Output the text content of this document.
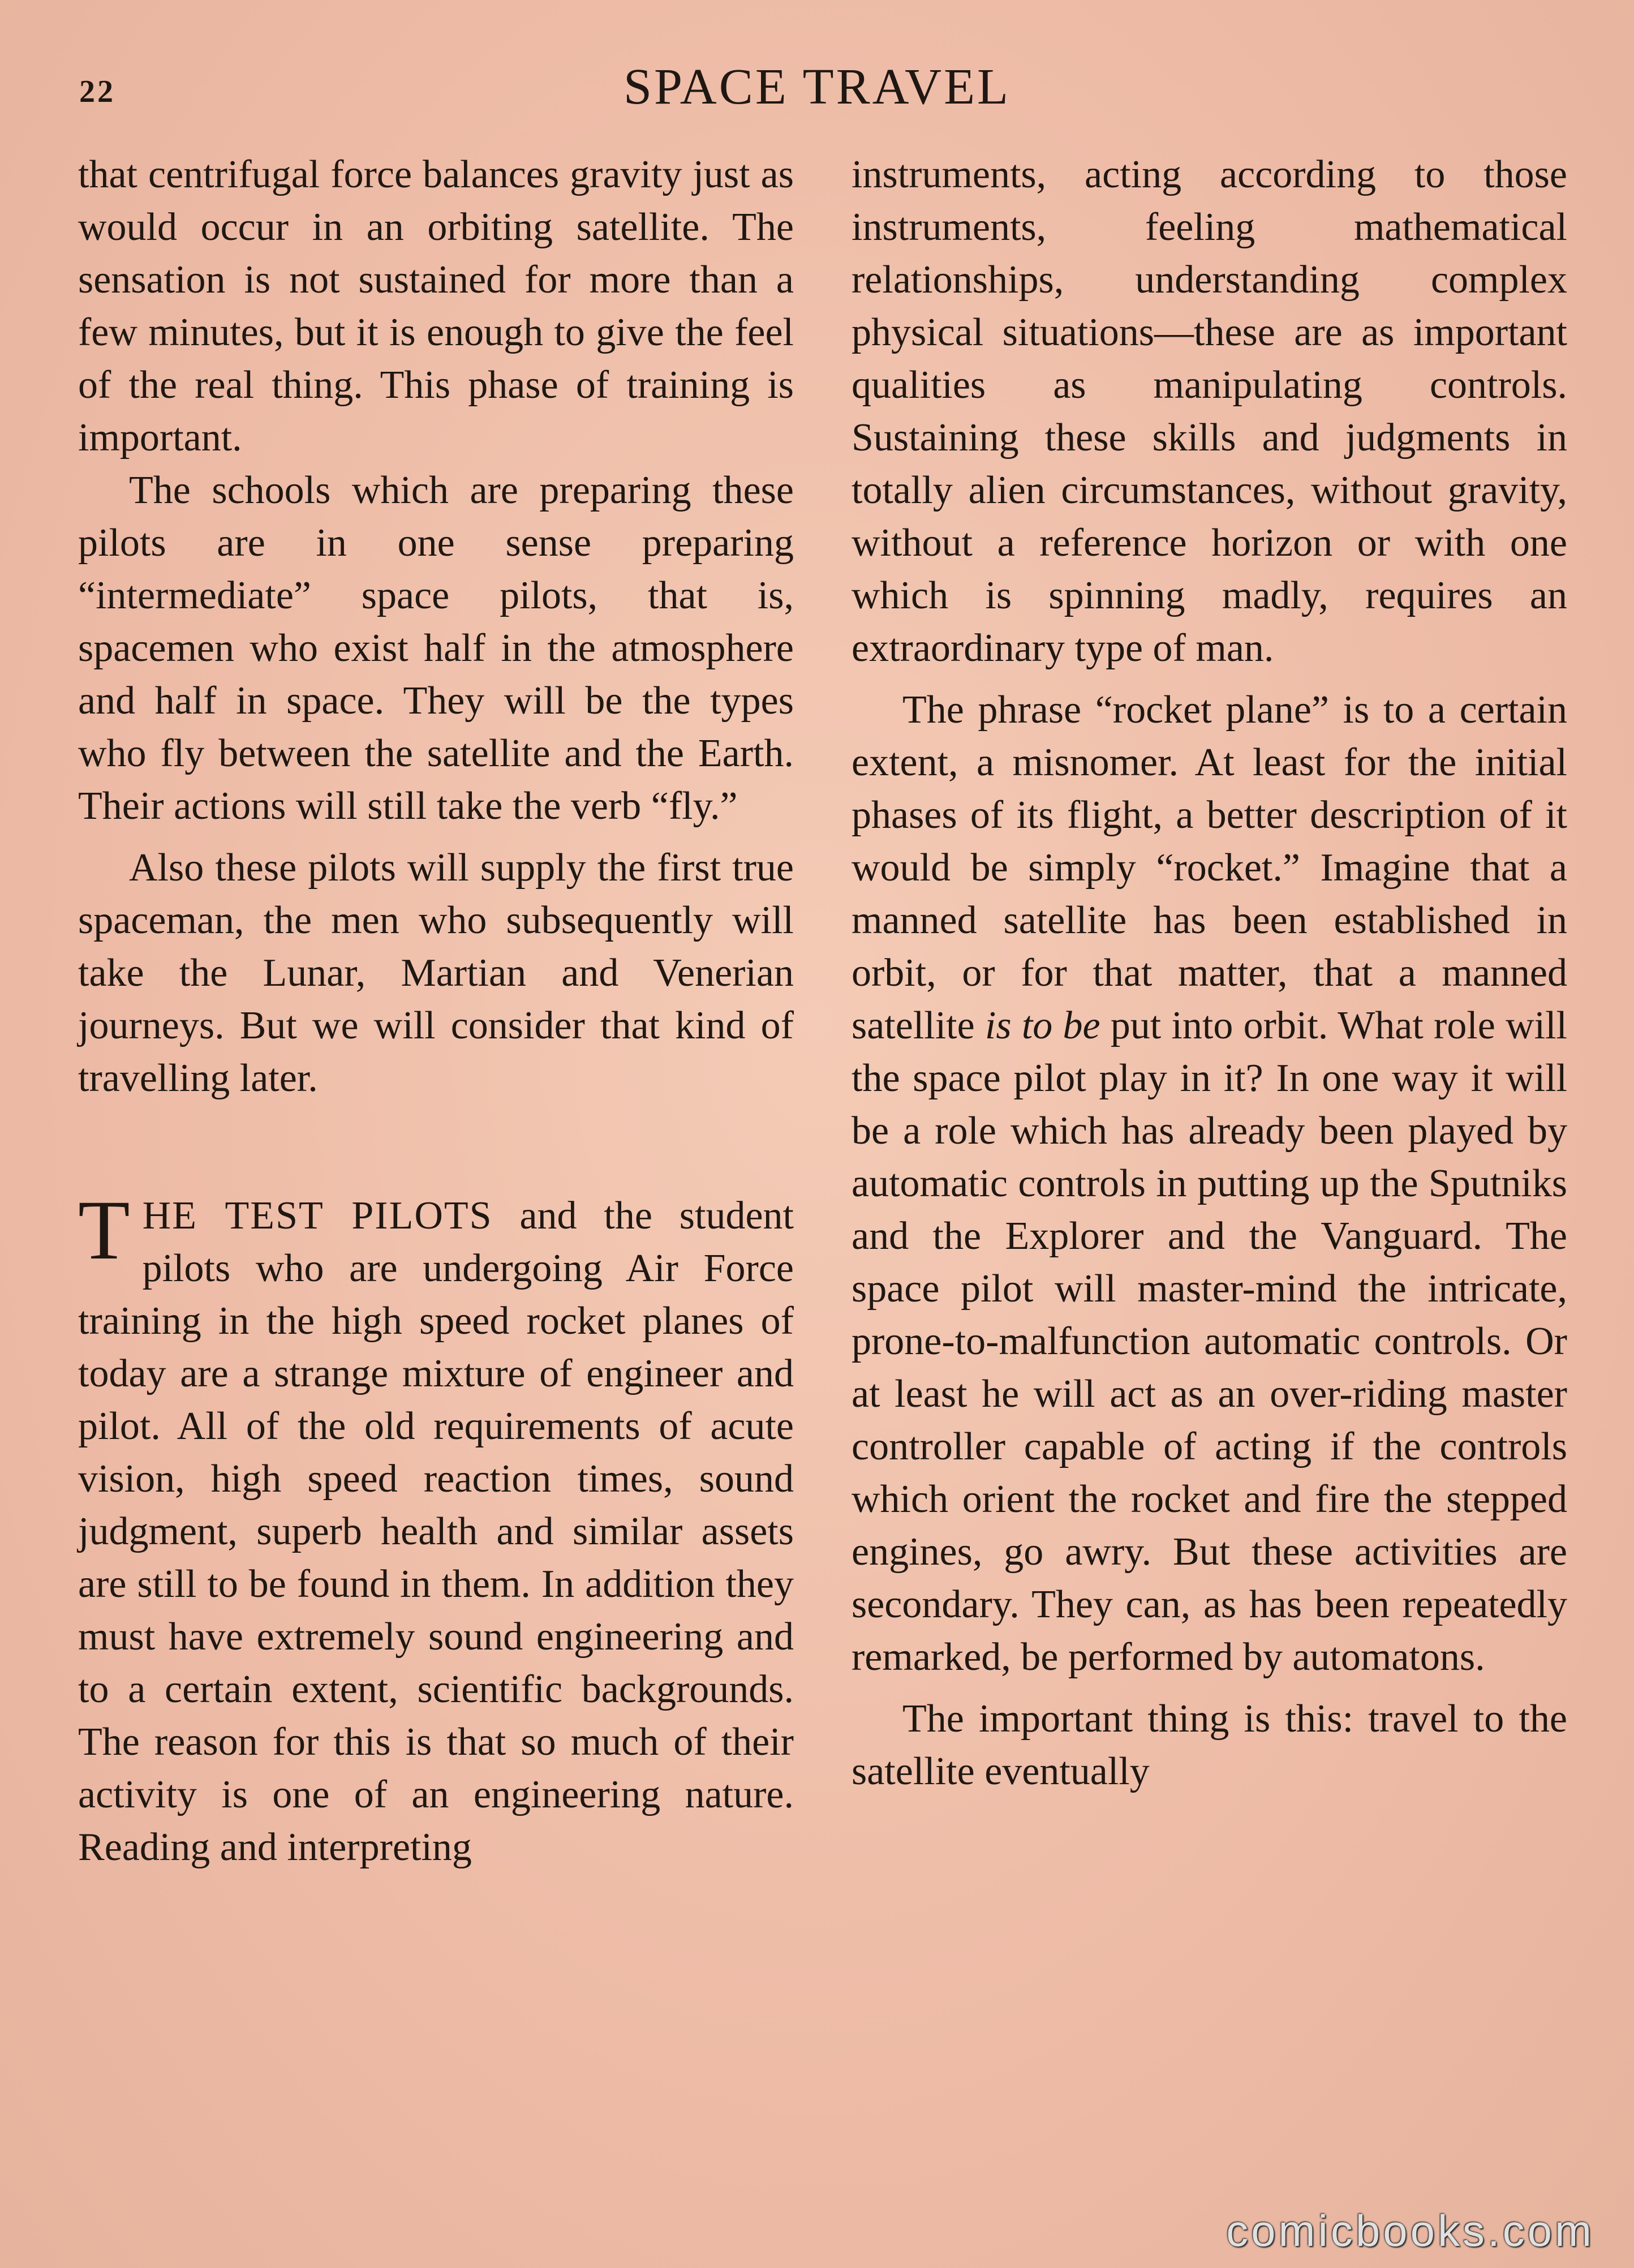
22	SPACE TRAVEL

that centrifugal force balances gravity just as would occur in an orbiting satellite. The sensation is not sustained for more than a few minutes, but it is enough to give the feel of the real thing. This phase of training is important.

The schools which are preparing these pilots are in one sense preparing “intermediate” space pilots, that is, spacemen who exist half in the atmosphere and half in space. They will be the types who fly between the satellite and the Earth. Their actions will still take the verb “fly.”

Also these pilots will supply the first true spaceman, the men who subsequently will take the Lunar, Martian and Venerian journeys. But we will consider that kind of travelling later.

THE TEST PILOTS and the student pilots who are undergoing Air Force training in the high speed rocket planes of today are a strange mixture of engineer and pilot. All of the old requirements of acute vision, high speed reaction times, sound judgment, superb health and similar assets are still to be found in them. In addition they must have extremely sound engineering and to a certain extent, scientific backgrounds. The reason for this is that so much of their activity is one of an engineering nature. Reading and interpreting

instruments, acting according to those instruments, feeling mathematical relationships, understanding complex physical situations—these are as important qualities as manipulating controls. Sustaining these skills and judgments in totally alien circumstances, without gravity, without a reference horizon or with one which is spinning madly, requires an extraordinary type of man.

The phrase “rocket plane” is to a certain extent, a misnomer. At least for the initial phases of its flight, a better description of it would be simply “rocket.” Imagine that a manned satellite has been established in orbit, or for that matter, that a manned satellite is to be put into orbit. What role will the space pilot play in it? In one way it will be a role which has already been played by automatic controls in putting up the Sputniks and the Explorer and the Vanguard. The space pilot will master-mind the intricate, prone-to-malfunction automatic controls. Or at least he will act as an over-riding master controller capable of acting if the controls which orient the rocket and fire the stepped engines, go awry. But these activities are secondary. They can, as has been repeatedly remarked, be performed by automatons.

The important thing is this: travel to the satellite eventually

comicbooks.com
